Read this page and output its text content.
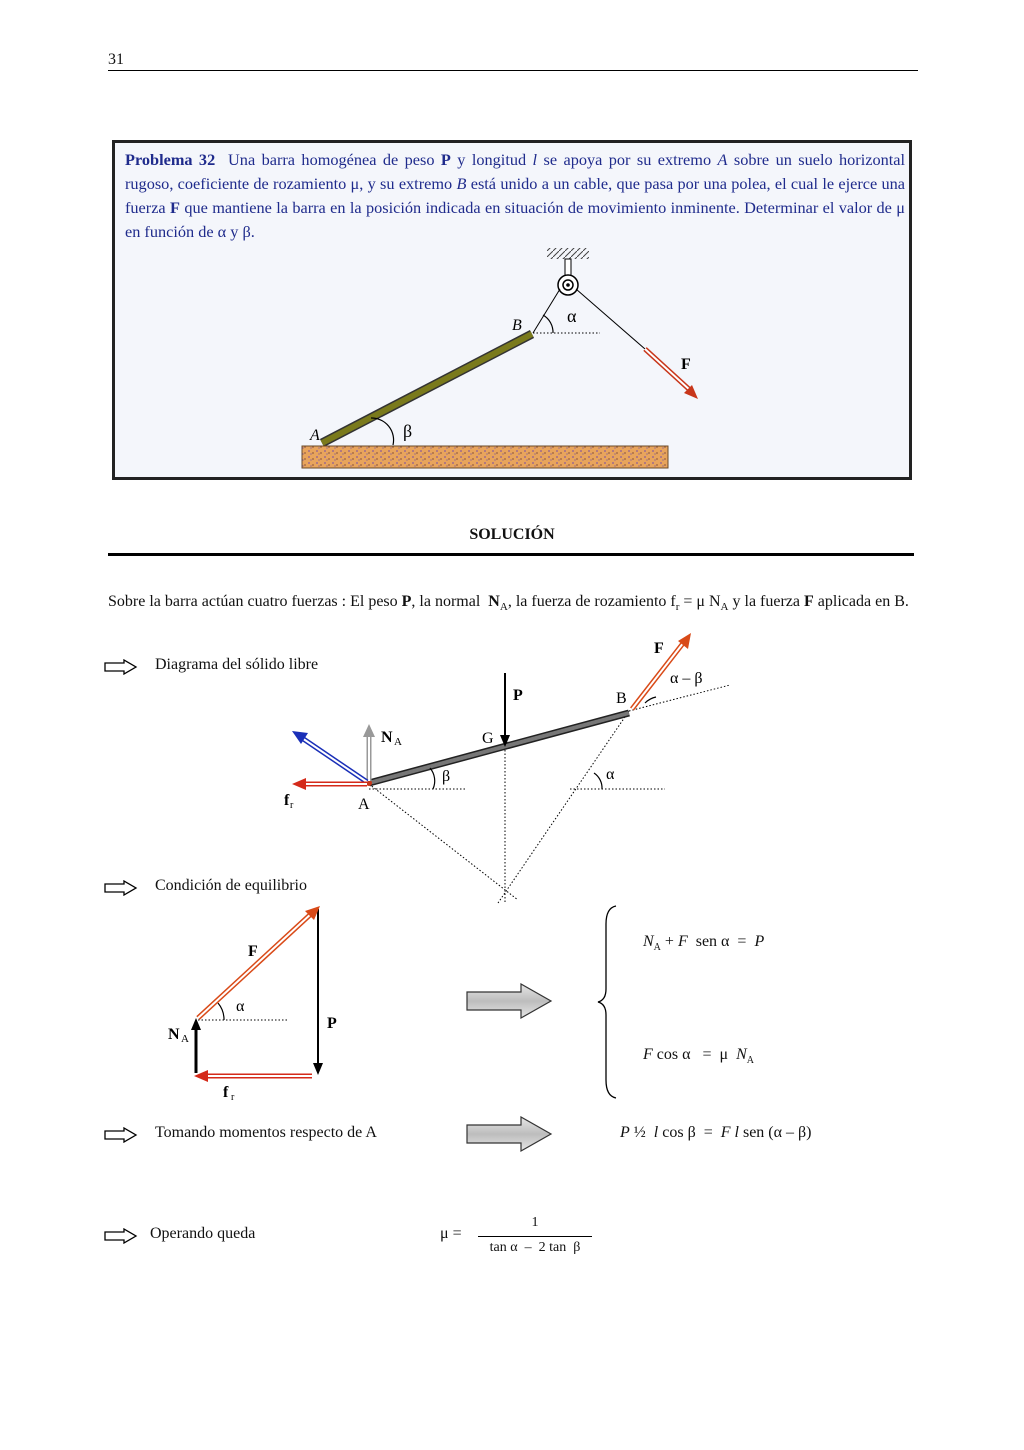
31
Problema 32 Una barra homogénea de peso P y longitud l se apoya por su extremo A sobre un suelo horizontal rugoso, coeficiente de rozamiento μ, y su extremo B está unido a un cable, que pasa por una polea, el cual le ejerce una fuerza F que mantiene la barra en la posición indicada en situación de movimiento inminente. Determinar el valor de μ en función de α y β.
α
B
A	β
F
SOLUCIÓN
Sobre la barra actúan cuatro fuerzas : El peso P, la normal $N_A$, la fuerza de rozamiento $f_r = \mu$ $N_A$ y la fuerza F aplicada en B.
Diagrama del sólido libre
Condición de equilibrio
Tomando momentos respecto de A
Operando queda
P
G
B
F
α – β
α
β
N A
f r	A
P
f r
N A
α
F
$N_A + F$  sen α  =  P
F cos α   =  μ  $N_A$
P ½ l cos β  =  F l sen (α – β)
μ =
1
tan α  –  2 tan  β
